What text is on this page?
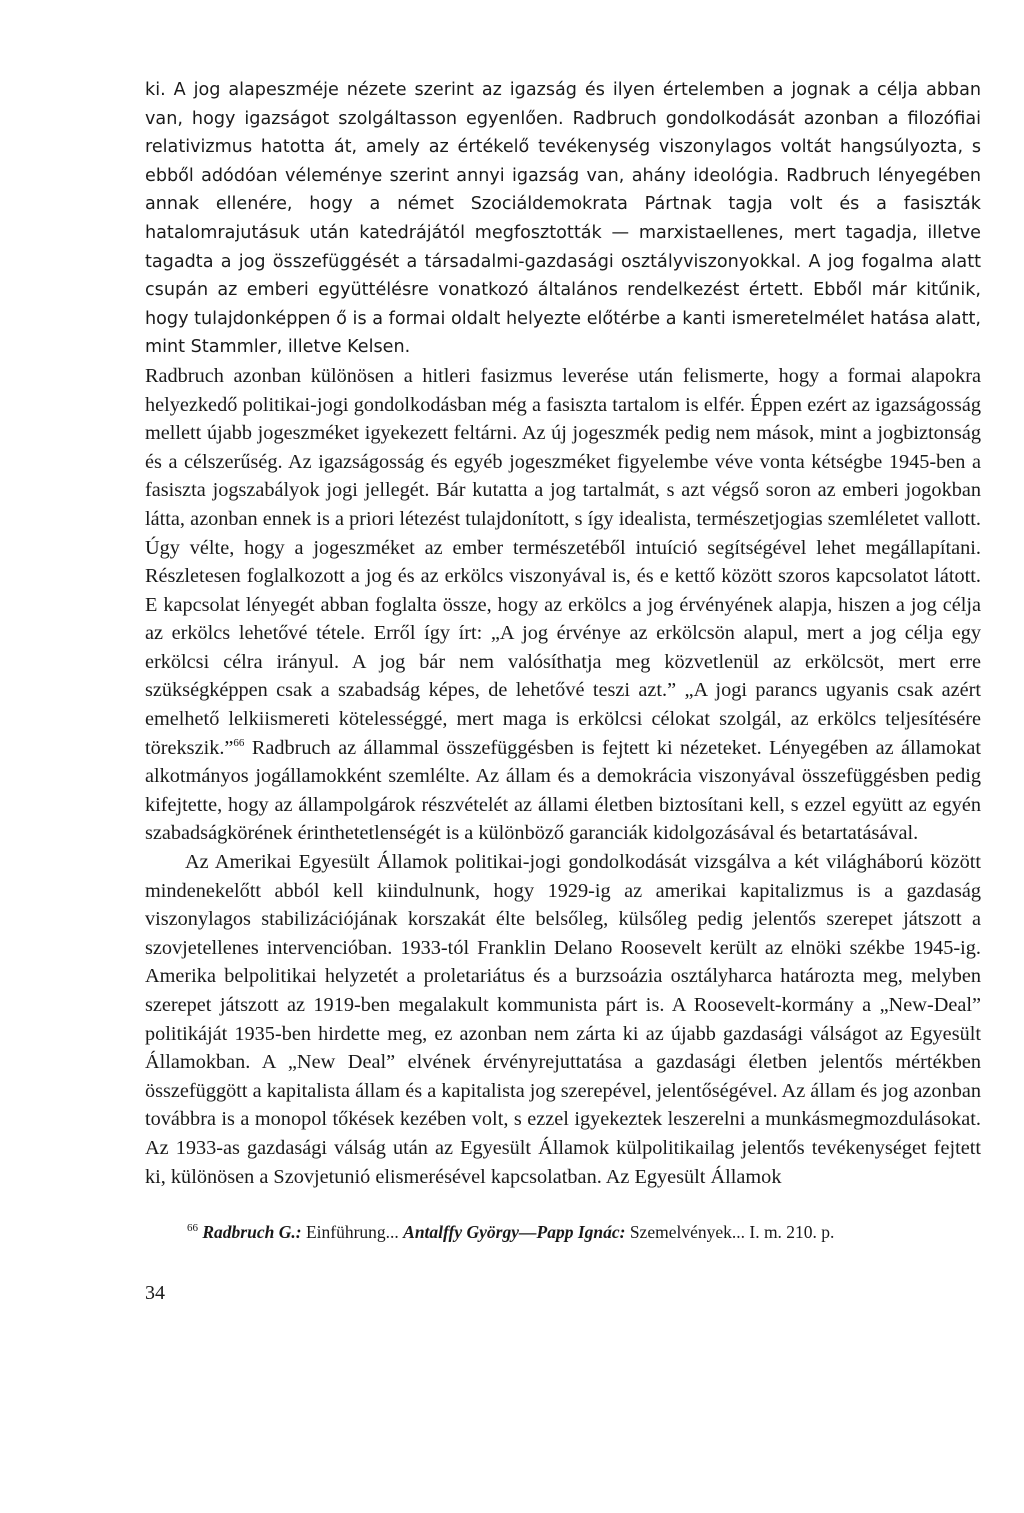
ki. A jog alapeszméje nézete szerint az igazság és ilyen értelemben a jognak a célja abban van, hogy igazságot szolgáltasson egyenlően. Radbruch gondolkodását azonban a filozófiai relativizmus hatotta át, amely az értékelő tevékenység viszonylagos voltát hangsúlyozta, s ebből adódóan véleménye szerint annyi igazság van, ahány ideológia. Radbruch lényegében annak ellenére, hogy a német Szociáldemokrata Pártnak tagja volt és a fasiszták hatalomrajutásuk után katedrájától megfosztották — marxistaellenes, mert tagadja, illetve tagadta a jog összefüggését a társadalmi-gazdasági osztályviszonyokkal. A jog fogalma alatt csupán az emberi együttélésre vonatkozó általános rendelkezést értett. Ebből már kitűnik, hogy tulajdonképpen ő is a formai oldalt helyezte előtérbe a kanti ismeretelmélet hatása alatt, mint Stammler, illetve Kelsen.

Radbruch azonban különösen a hitleri fasizmus leverése után felismerte, hogy a formai alapokra helyezkedő politikai-jogi gondolkodásban még a fasiszta tartalom is elfér. Éppen ezért az igazságosság mellett újabb jogeszméket igyekezett feltárni. Az új jogeszmék pedig nem mások, mint a jogbiztonság és a célszerűség. Az igazságosság és egyéb jogeszméket figyelembe véve vonta kétségbe 1945-ben a fasiszta jogszabályok jogi jellegét. Bár kutatta a jog tartalmát, s azt végső soron az emberi jogokban látta, azonban ennek is a priori létezést tulajdonított, s így idealista, természetjogias szemléletet vallott. Úgy vélte, hogy a jogeszméket az ember természetéből intuíció segítségével lehet megállapítani. Részletesen foglalkozott a jog és az erkölcs viszonyával is, és e kettő között szoros kapcsolatot látott. E kapcsolat lényegét abban foglalta össze, hogy az erkölcs a jog érvényének alapja, hiszen a jog célja az erkölcs lehetővé tétele. Erről így írt: „A jog érvénye az erkölcsön alapul, mert a jog célja egy erkölcsi célra irányul. A jog bár nem valósíthatja meg közvetlenül az erkölcsöt, mert erre szükségképpen csak a szabadság képes, de lehetővé teszi azt.” „A jogi parancs ugyanis csak azért emelhető lelkiismereti kötelességgé, mert maga is erkölcsi célokat szolgál, az erkölcs teljesítésére törekszik.”$^{66}$ Radbruch az állammal összefüggésben is fejtett ki nézeteket. Lényegében az államokat alkotmányos jogállamokként szemlélte. Az állam és a demokrácia viszonyával összefüggésben pedig kifejtette, hogy az állampolgárok részvételét az állami életben biztosítani kell, s ezzel együtt az egyén szabadságkörének érinthetetlenségét is a különböző garanciák kidolgozásával és betartatásával.

Az Amerikai Egyesült Államok politikai-jogi gondolkodását vizsgálva a két világháború között mindenekelőtt abból kell kiindulnunk, hogy 1929-ig az amerikai kapitalizmus is a gazdaság viszonylagos stabilizációjának korszakát élte belsőleg, külsőleg pedig jelentős szerepet játszott a szovjetellenes intervencióban. 1933-tól Franklin Delano Roosevelt került az elnöki székbe 1945-ig. Amerika belpolitikai helyzetét a proletariátus és a burzsoázia osztályharca határozta meg, melyben szerepet játszott az 1919-ben megalakult kommunista párt is. A Roosevelt-kormány a „New-Deal” politikáját 1935-ben hirdette meg, ez azonban nem zárta ki az újabb gazdasági válságot az Egyesült Államokban. A „New Deal” elvének érvényrejuttatása a gazdasági életben jelentős mértékben összefüggött a kapitalista állam és a kapitalista jog szerepével, jelentőségével. Az állam és jog azonban továbbra is a monopol tőkések kezében volt, s ezzel igyekeztek leszerelni a munkásmegmozdulásokat. Az 1933-as gazdasági válság után az Egyesült Államok külpolitikailag jelentős tevékenységet fejtett ki, különösen a Szovjetunió elismerésével kapcsolatban. Az Egyesült Államok

$^{66}$ Radbruch G.: Einführung... Antalffy György—Papp Ignác: Szemelvények... I. m. 210. p.
34
